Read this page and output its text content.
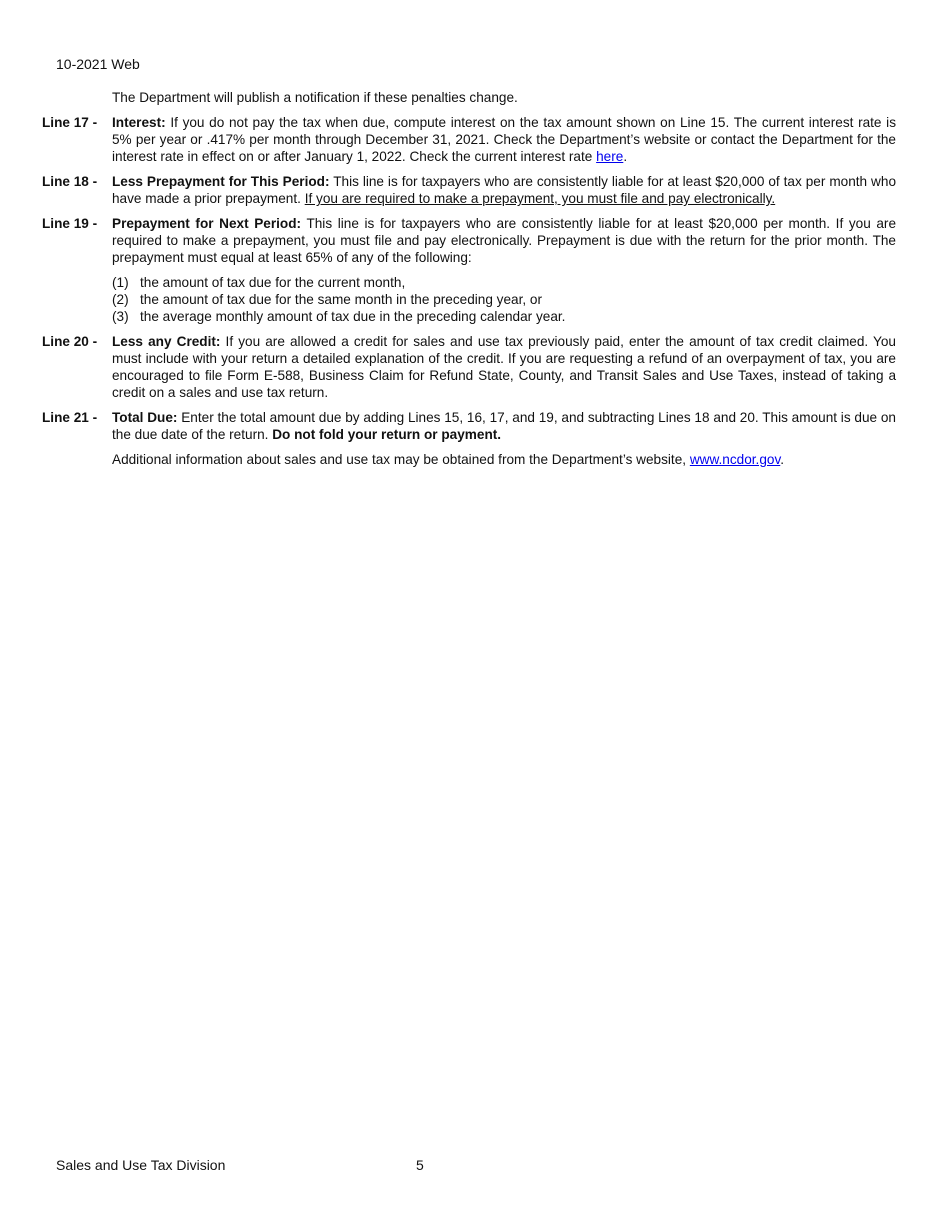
10-2021 Web
The Department will publish a notification if these penalties change.
Line 17 -	Interest: If you do not pay the tax when due, compute interest on the tax amount shown on Line 15. The current interest rate is 5% per year or .417% per month through December 31, 2021. Check the Department’s website or contact the Department for the interest rate in effect on or after January 1, 2022. Check the current interest rate here.
Line 18 -	Less Prepayment for This Period: This line is for taxpayers who are consistently liable for at least $20,000 of tax per month who have made a prior prepayment. If you are required to make a prepayment, you must file and pay electronically.
Line 19 -	Prepayment for Next Period: This line is for taxpayers who are consistently liable for at least $20,000 per month. If you are required to make a prepayment, you must file and pay electronically. Prepayment is due with the return for the prior month. The prepayment must equal at least 65% of any of the following:
(1) the amount of tax due for the current month,
(2) the amount of tax due for the same month in the preceding year, or
(3) the average monthly amount of tax due in the preceding calendar year.
Line 20 -	Less any Credit: If you are allowed a credit for sales and use tax previously paid, enter the amount of tax credit claimed. You must include with your return a detailed explanation of the credit. If you are requesting a refund of an overpayment of tax, you are encouraged to file Form E-588, Business Claim for Refund State, County, and Transit Sales and Use Taxes, instead of taking a credit on a sales and use tax return.
Line 21 -	Total Due: Enter the total amount due by adding Lines 15, 16, 17, and 19, and subtracting Lines 18 and 20. This amount is due on the due date of the return. Do not fold your return or payment.
Additional information about sales and use tax may be obtained from the Department’s website, www.ncdor.gov.
Sales and Use Tax Division	5
